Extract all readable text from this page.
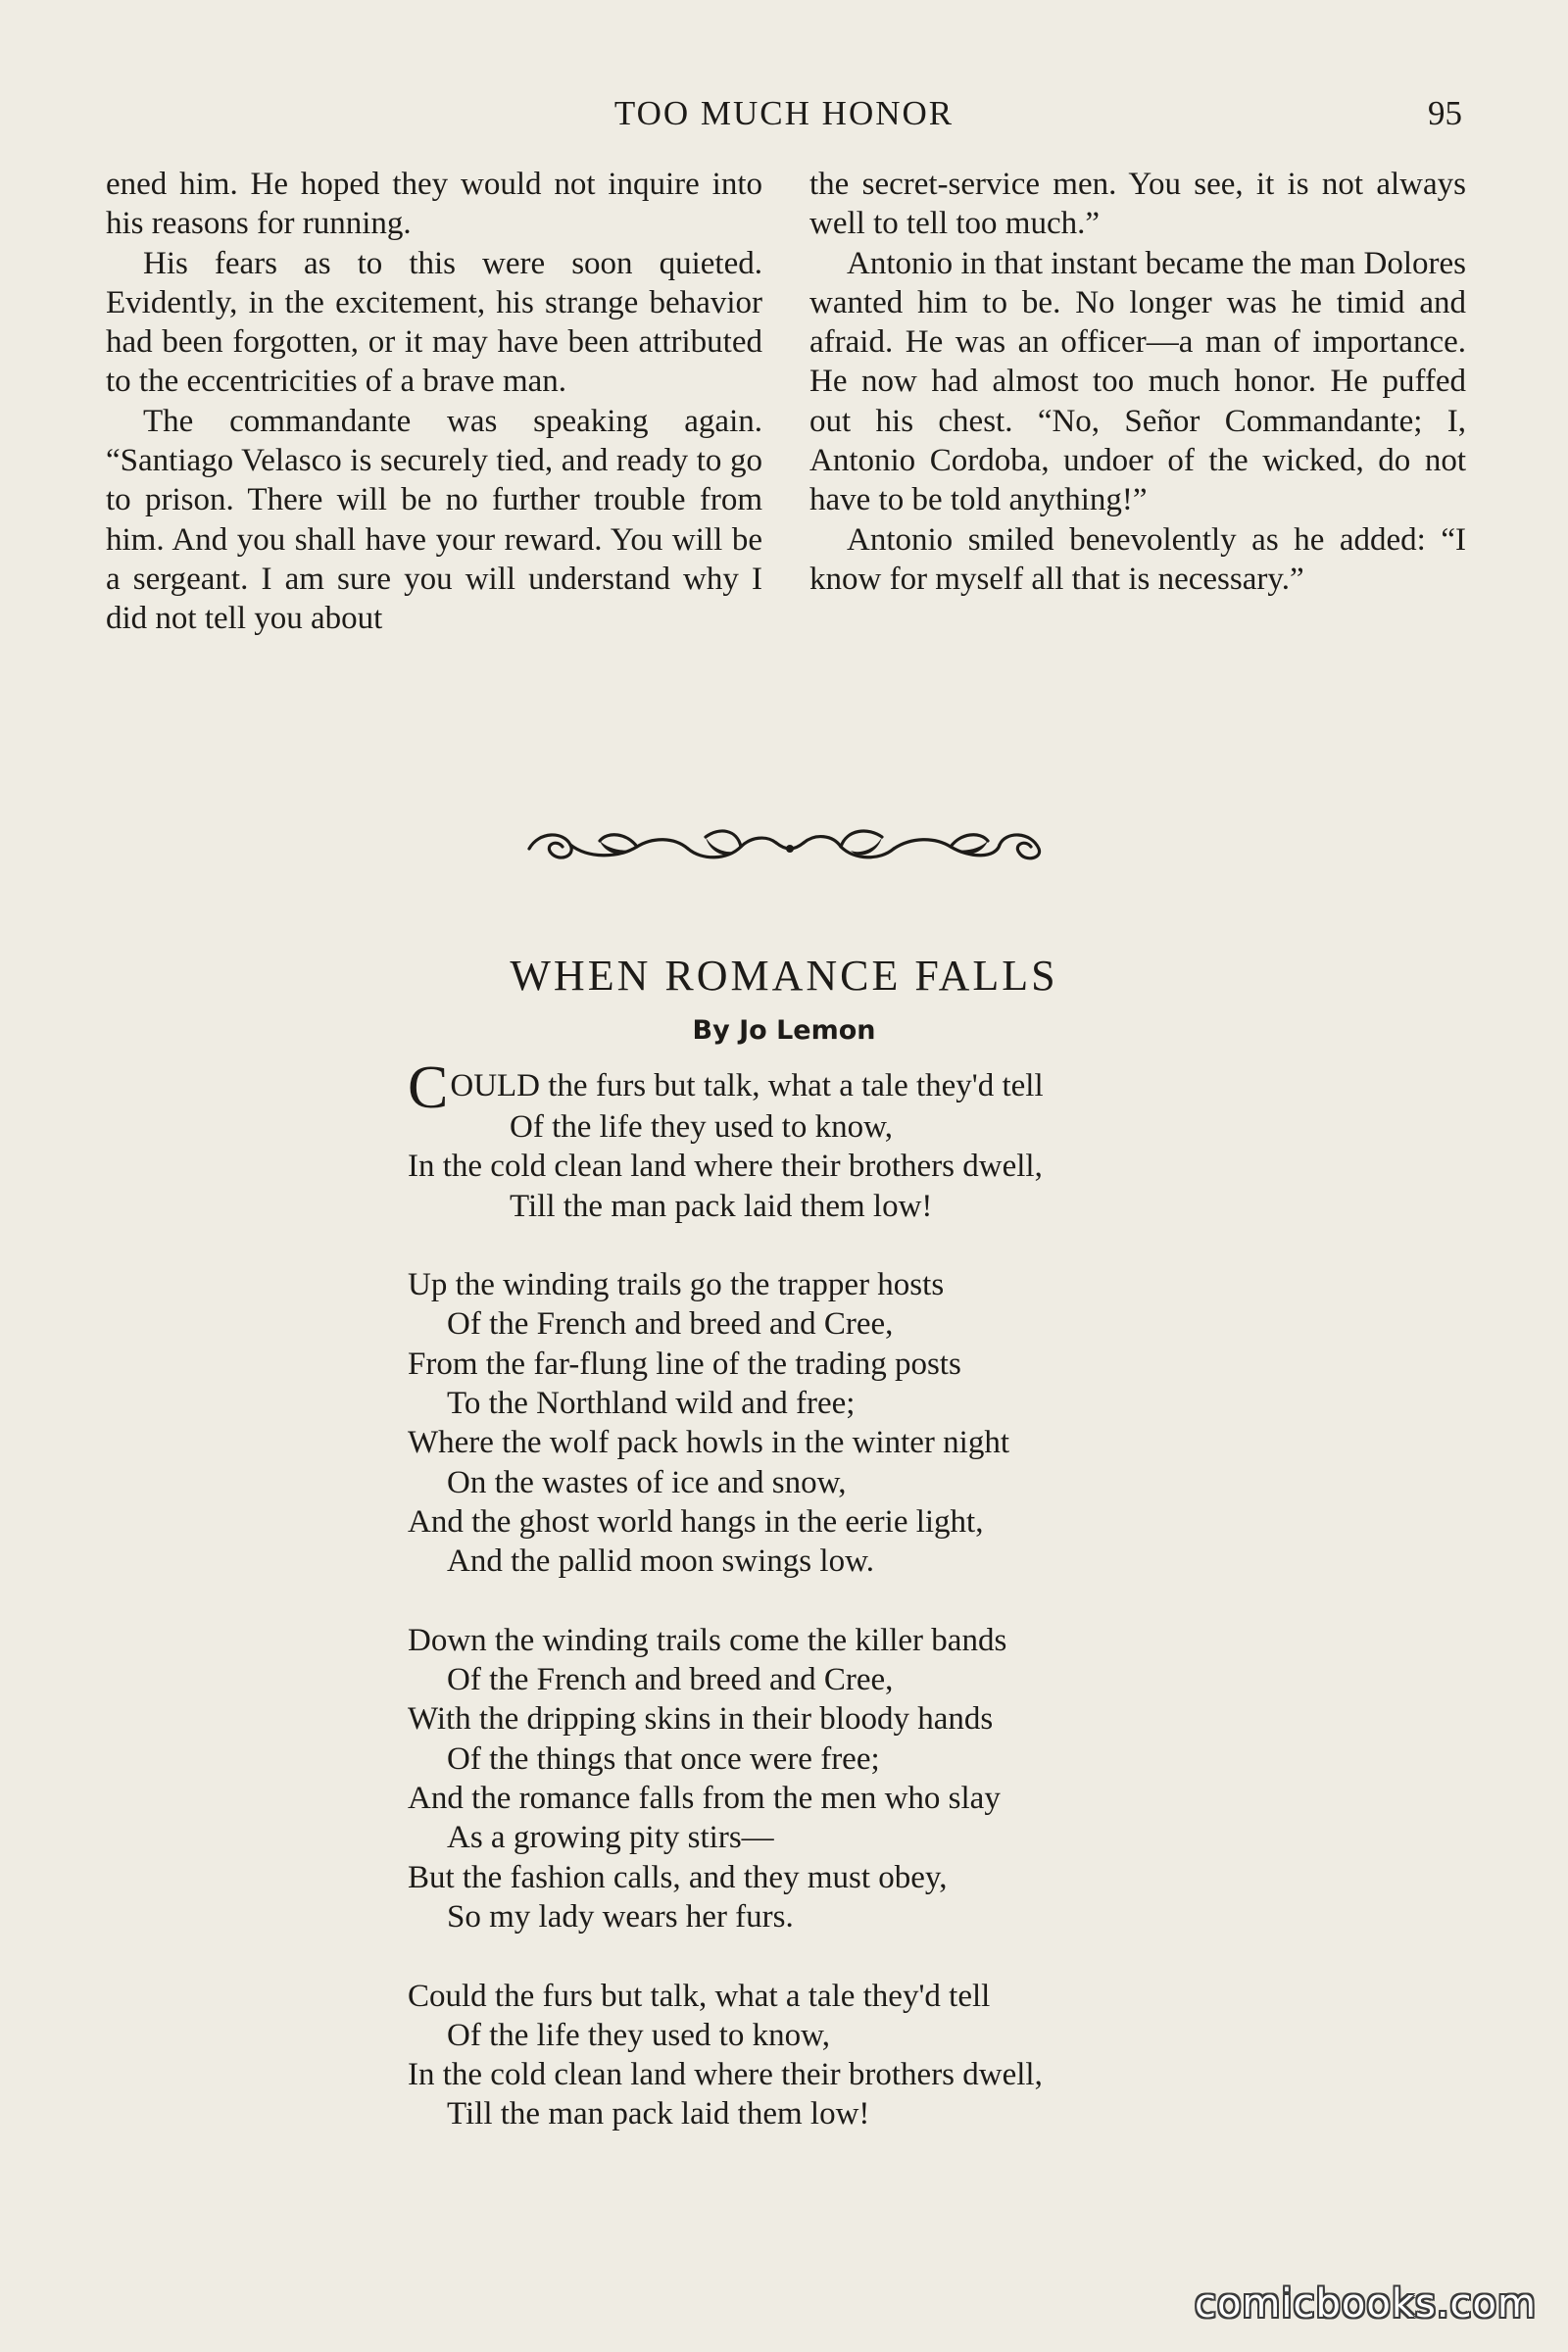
TOO MUCH HONOR	95

ened him. He hoped they would not inquire into his reasons for running.

His fears as to this were soon quieted. Evidently, in the excitement, his strange behavior had been forgotten, or it may have been attributed to the eccentricities of a brave man.

The commandante was speaking again. “Santiago Velasco is securely tied, and ready to go to prison. There will be no further trouble from him. And you shall have your reward. You will be a sergeant. I am sure you will understand why I did not tell you about

the secret-service men. You see, it is not always well to tell too much.”

Antonio in that instant became the man Dolores wanted him to be. No longer was he timid and afraid. He was an officer—a man of importance. He now had almost too much honor. He puffed out his chest. “No, Señor Commandante; I, Antonio Cordoba, undoer of the wicked, do not have to be told anything!”

Antonio smiled benevolently as he added: “I know for myself all that is necessary.”

WHEN ROMANCE FALLS
By Jo Lemon
COULD the furs but talk, what a tale they'd tell
Of the life they used to know,
In the cold clean land where their brothers dwell,
Till the man pack laid them low!
Up the winding trails go the trapper hosts
Of the French and breed and Cree,
From the far-flung line of the trading posts
To the Northland wild and free;
Where the wolf pack howls in the winter night
On the wastes of ice and snow,
And the ghost world hangs in the eerie light,
And the pallid moon swings low.
Down the winding trails come the killer bands
Of the French and breed and Cree,
With the dripping skins in their bloody hands
Of the things that once were free;
And the romance falls from the men who slay
As a growing pity stirs—
But the fashion calls, and they must obey,
So my lady wears her furs.
Could the furs but talk, what a tale they'd tell
Of the life they used to know,
In the cold clean land where their brothers dwell,
Till the man pack laid them low!
comicbooks.com
